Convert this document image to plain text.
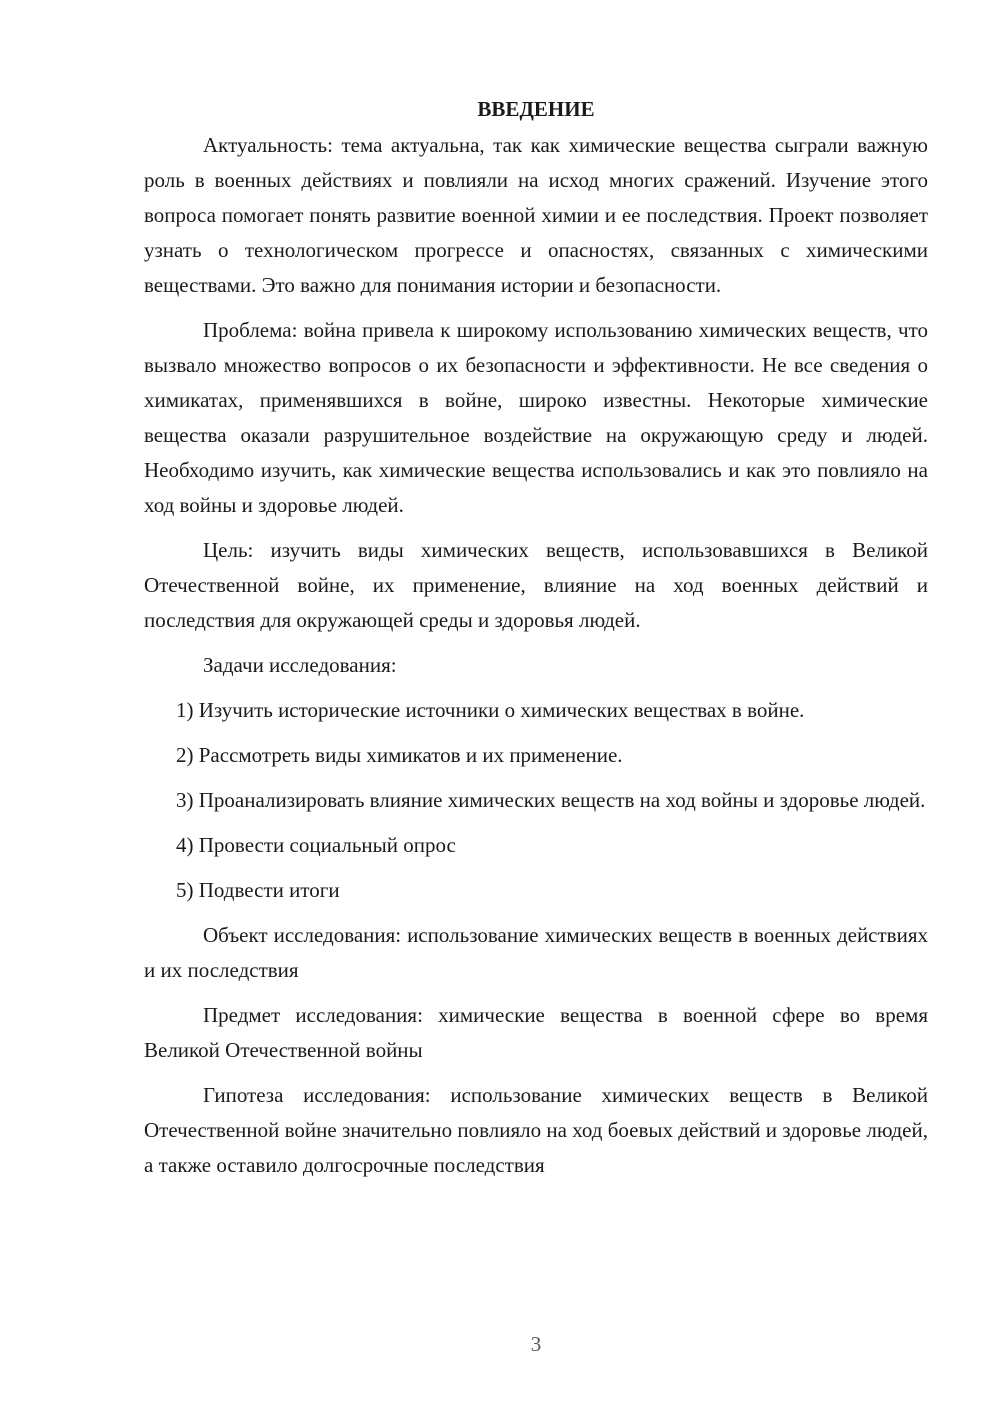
ВВЕДЕНИЕ

Актуальность: тема актуальна, так как химические вещества сыграли важную роль в военных действиях и повлияли на исход многих сражений. Изучение этого вопроса помогает понять развитие военной химии и ее последствия. Проект позволяет узнать о технологическом прогрессе и опасностях, связанных с химическими веществами. Это важно для понимания истории и безопасности.

Проблема: война привела к широкому использованию химических веществ, что вызвало множество вопросов о их безопасности и эффективности. Не все сведения о химикатах, применявшихся в войне, широко известны. Некоторые химические вещества оказали разрушительное воздействие на окружающую среду и людей. Необходимо изучить, как химические вещества использовались и как это повлияло на ход войны и здоровье людей.

Цель: изучить виды химических веществ, использовавшихся в Великой Отечественной войне, их применение, влияние на ход военных действий и последствия для окружающей среды и здоровья людей.

Задачи исследования:

1) Изучить исторические источники о химических веществах в войне.

2) Рассмотреть виды химикатов и их применение.

3) Проанализировать влияние химических веществ на ход войны и здоровье людей.

4) Провести социальный опрос

5) Подвести итоги

Объект исследования: использование химических веществ в военных действиях и их последствия

Предмет исследования: химические вещества в военной сфере во время Великой Отечественной войны

Гипотеза исследования: использование химических веществ в Великой Отечественной войне значительно повлияло на ход боевых действий и здоровье людей, а также оставило долгосрочные последствия

3
